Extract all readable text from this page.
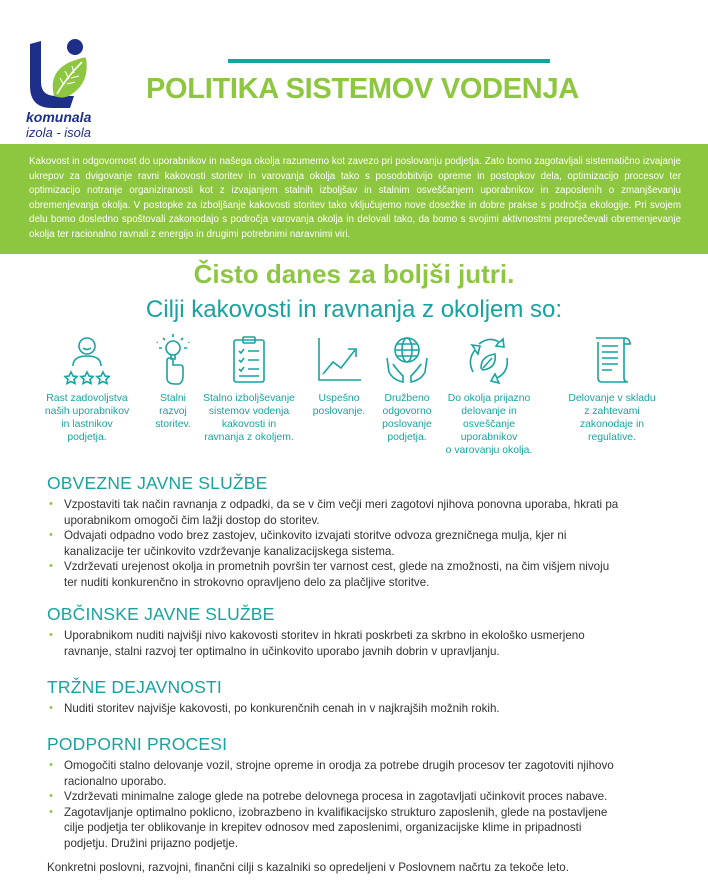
komunala
izola - isola
POLITIKA SISTEMOV VODENJA

Kakovost in odgovornost do uporabnikov in našega okolja razumemo kot zavezo pri poslovanju podjetja. Zato bomo zagotavljali sistematično izvajanje ukrepov za dvigovanje ravni kakovosti storitev in varovanja okolja tako s posodobitvijo opreme in postopkov dela, optimizacijo procesov ter optimizacijo notranje organiziranosti kot z izvajanjem stalnih izboljšav in stalnim osveščanjem uporabnikov in zaposlenih o zmanjševanju obremenjevanja okolja. V postopke za izboljšanje kakovosti storitev tako vključujemo nove dosežke in dobre prakse s področja ekologije. Pri svojem delu bomo dosledno spoštovali zakonodajo s področja varovanja okolja in delovali tako, da bomo s svojimi aktivnostmi preprečevali obremenjevanje okolja ter racionalno ravnali z energijo in drugimi potrebnimi naravnimi viri.

Čisto danes za boljši jutri.
Cilji kakovosti in ravnanja z okoljem so:
Rast zadovoljstva
naših uporabnikov
in lastnikov
podjetja.
Stalni
razvoj
storitev.
Stalno izboljševanje
sistemov vodenja
kakovosti in
ravnanja z okoljem.
Uspešno
poslovanje.
Družbeno
odgovorno
poslovanje
podjetja.
Do okolja prijazno
delovanje in osveščanje
uporabnikov
o varovanju okolja.
Delovanje v skladu
z zahtevami
zakonodaje in
regulative.
OBVEZNE JAVNE SLUŽBE
• Vzpostaviti tak način ravnanja z odpadki, da se v čim večji meri zagotovi njihova ponovna uporaba, hkrati pa
uporabnikom omogoči čim lažji dostop do storitev.
• Odvajati odpadno vodo brez zastojev, učinkovito izvajati storitve odvoza grezničnega mulja, kjer ni
kanalizacije ter učinkovito vzdrževanje kanalizacijskega sistema.
• Vzdrževati urejenost okolja in prometnih površin ter varnost cest, glede na zmožnosti, na čim višjem nivoju
ter nuditi konkurenčno in strokovno opravljeno delo za plačljive storitve.
OBČINSKE JAVNE SLUŽBE
• Uporabnikom nuditi najvišji nivo kakovosti storitev in hkrati poskrbeti za skrbno in ekološko usmerjeno
ravnanje, stalni razvoj ter optimalno in učinkovito uporabo javnih dobrin v upravljanju.
TRŽNE DEJAVNOSTI
• Nuditi storitev najvišje kakovosti, po konkurenčnih cenah in v najkrajših možnih rokih.
PODPORNI PROCESI
• Omogočiti stalno delovanje vozil, strojne opreme in orodja za potrebe drugih procesov ter zagotoviti njihovo
racionalno uporabo.
• Vzdrževati minimalne zaloge glede na potrebe delovnega procesa in zagotavljati učinkovit proces nabave.
• Zagotavljanje optimalno poklicno, izobrazbeno in kvalifikacijsko strukturo zaposlenih, glede na postavljene
cilje podjetja ter oblikovanje in krepitev odnosov med zaposlenimi, organizacijske klime in pripadnosti
podjetju. Družini prijazno podjetje.
Konkretni poslovni, razvojni, finančni cilji s kazalniki so opredeljeni v Poslovnem načrtu za tekoče leto.
